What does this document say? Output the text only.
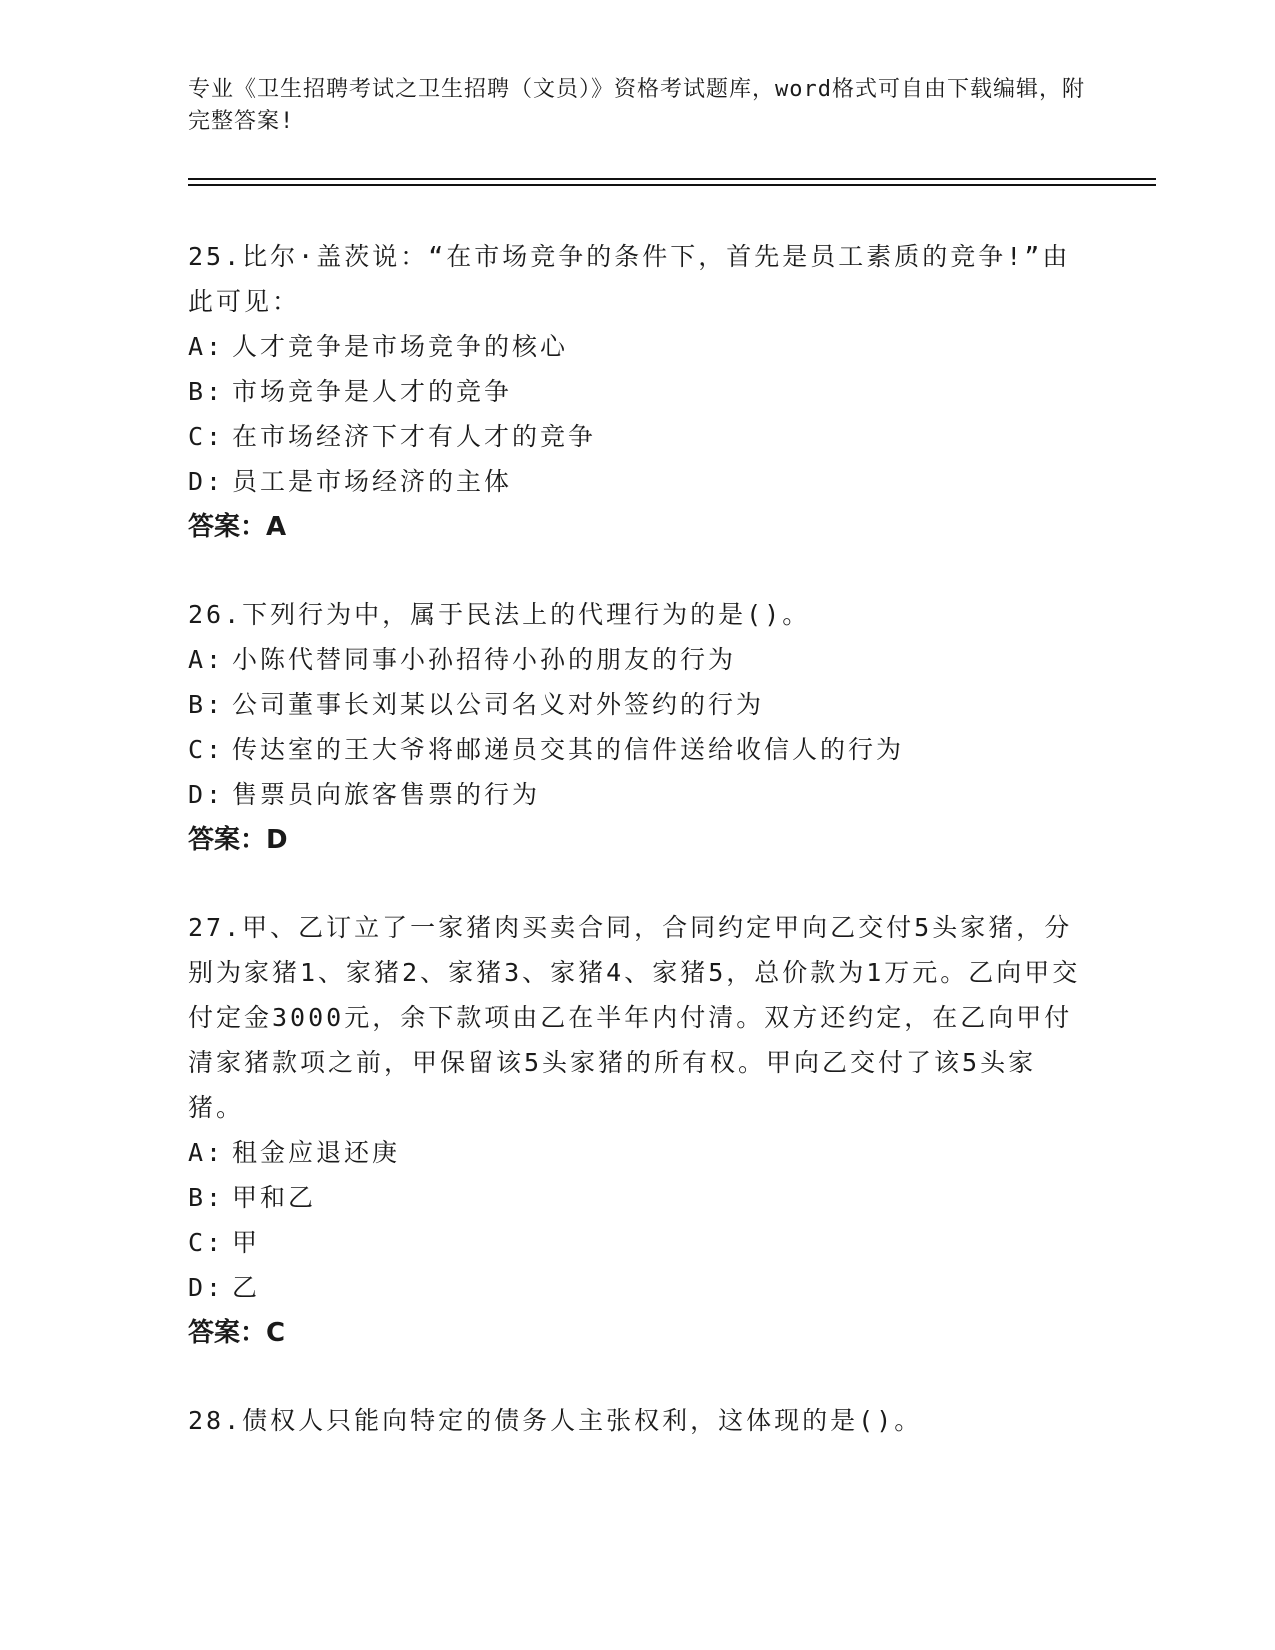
专业《卫生招聘考试之卫生招聘（文员）》资格考试题库，word格式可自由下载编辑，附完整答案!

25.比尔·盖茨说：“在市场竞争的条件下，首先是员工素质的竞争!”由此可见：

A: 人才竞争是市场竞争的核心

B: 市场竞争是人才的竞争

C: 在市场经济下才有人才的竞争

D: 员工是市场经济的主体

答案：A

26.下列行为中，属于民法上的代理行为的是()。

A: 小陈代替同事小孙招待小孙的朋友的行为

B: 公司董事长刘某以公司名义对外签约的行为

C: 传达室的王大爷将邮递员交其的信件送给收信人的行为

D: 售票员向旅客售票的行为

答案：D

27.甲、乙订立了一家猪肉买卖合同，合同约定甲向乙交付5头家猪，分别为家猪1、家猪2、家猪3、家猪4、家猪5，总价款为1万元。乙向甲交付定金3000元，余下款项由乙在半年内付清。双方还约定，在乙向甲付清家猪款项之前，甲保留该5头家猪的所有权。甲向乙交付了该5头家猪。

A: 租金应退还庚

B: 甲和乙

C: 甲

D: 乙

答案：C

28.债权人只能向特定的债务人主张权利，这体现的是()。
